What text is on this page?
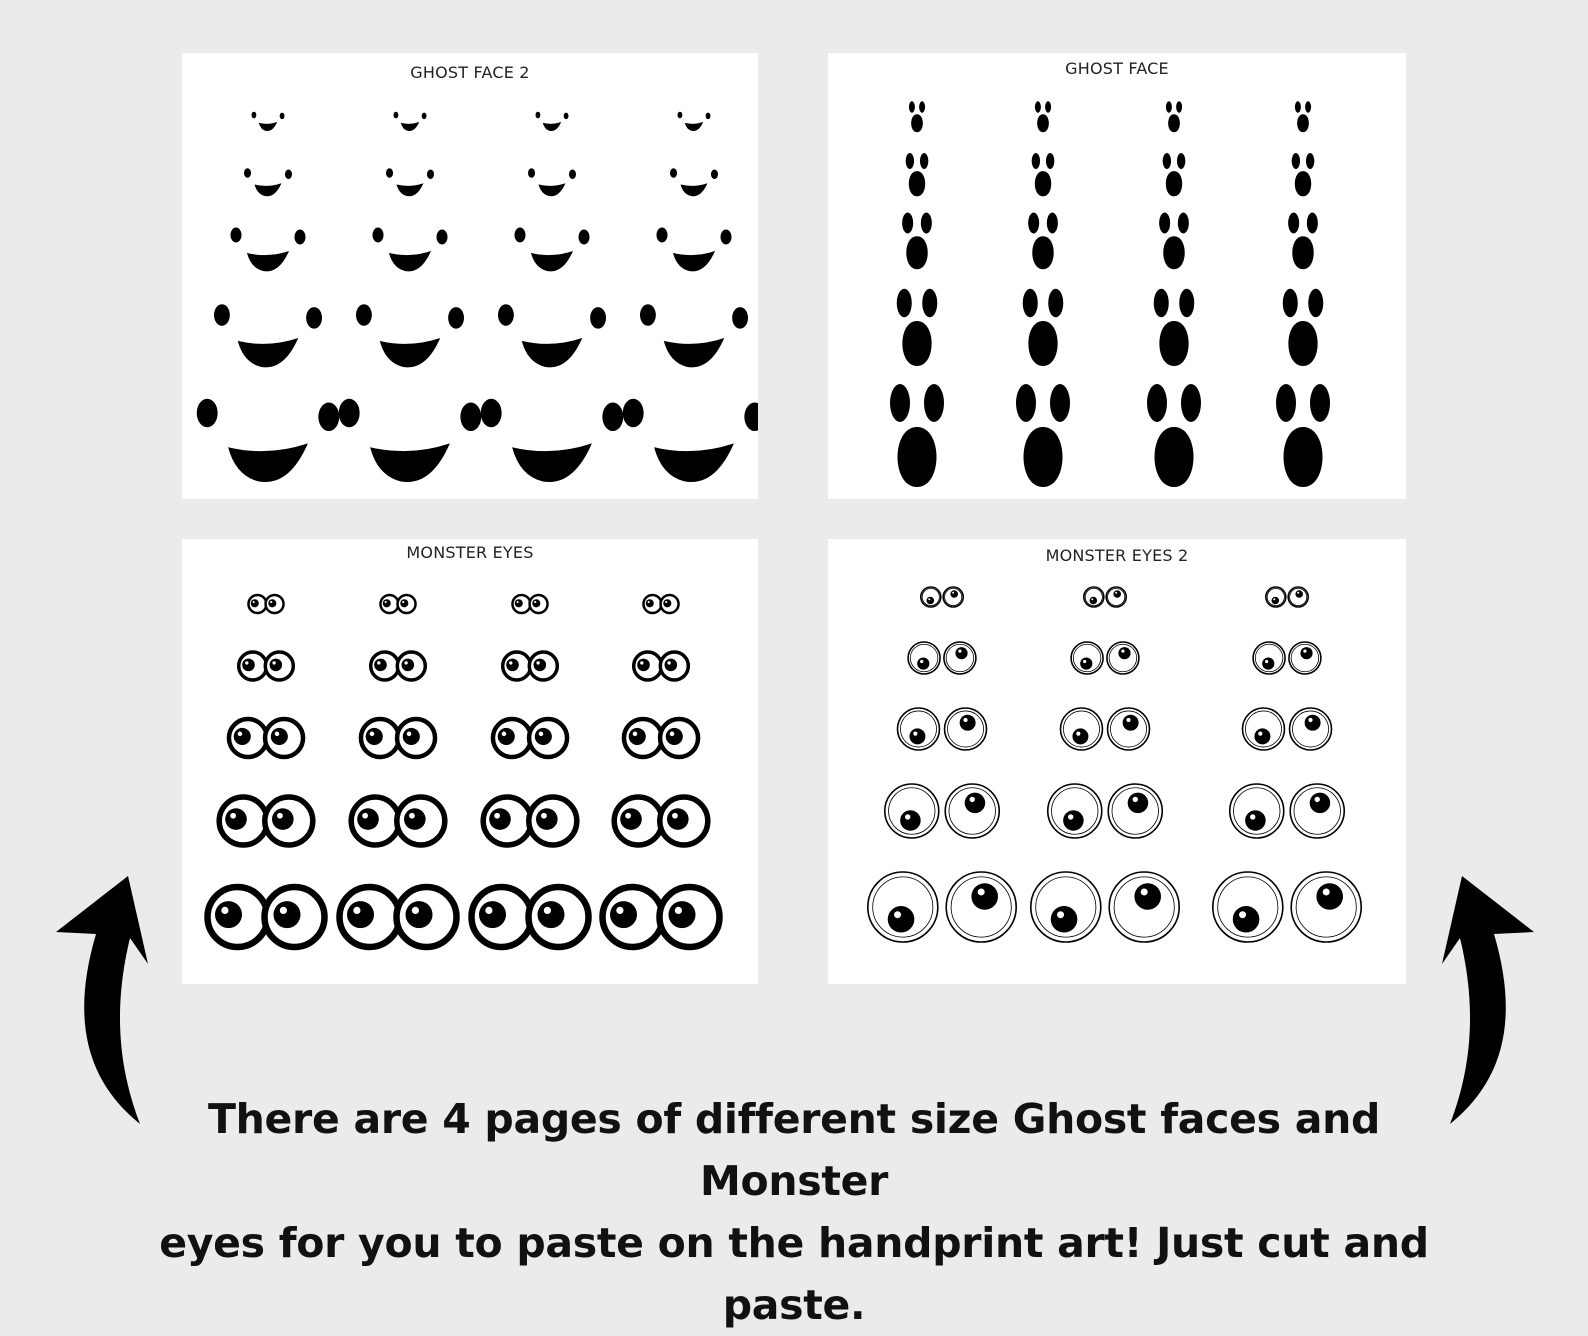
GHOST FACE 2	GHOST FACE
MONSTER EYES	MONSTER EYES 2
There are 4 pages of different size Ghost faces and Monster
eyes for you to paste on the handprint art! Just cut and paste.
